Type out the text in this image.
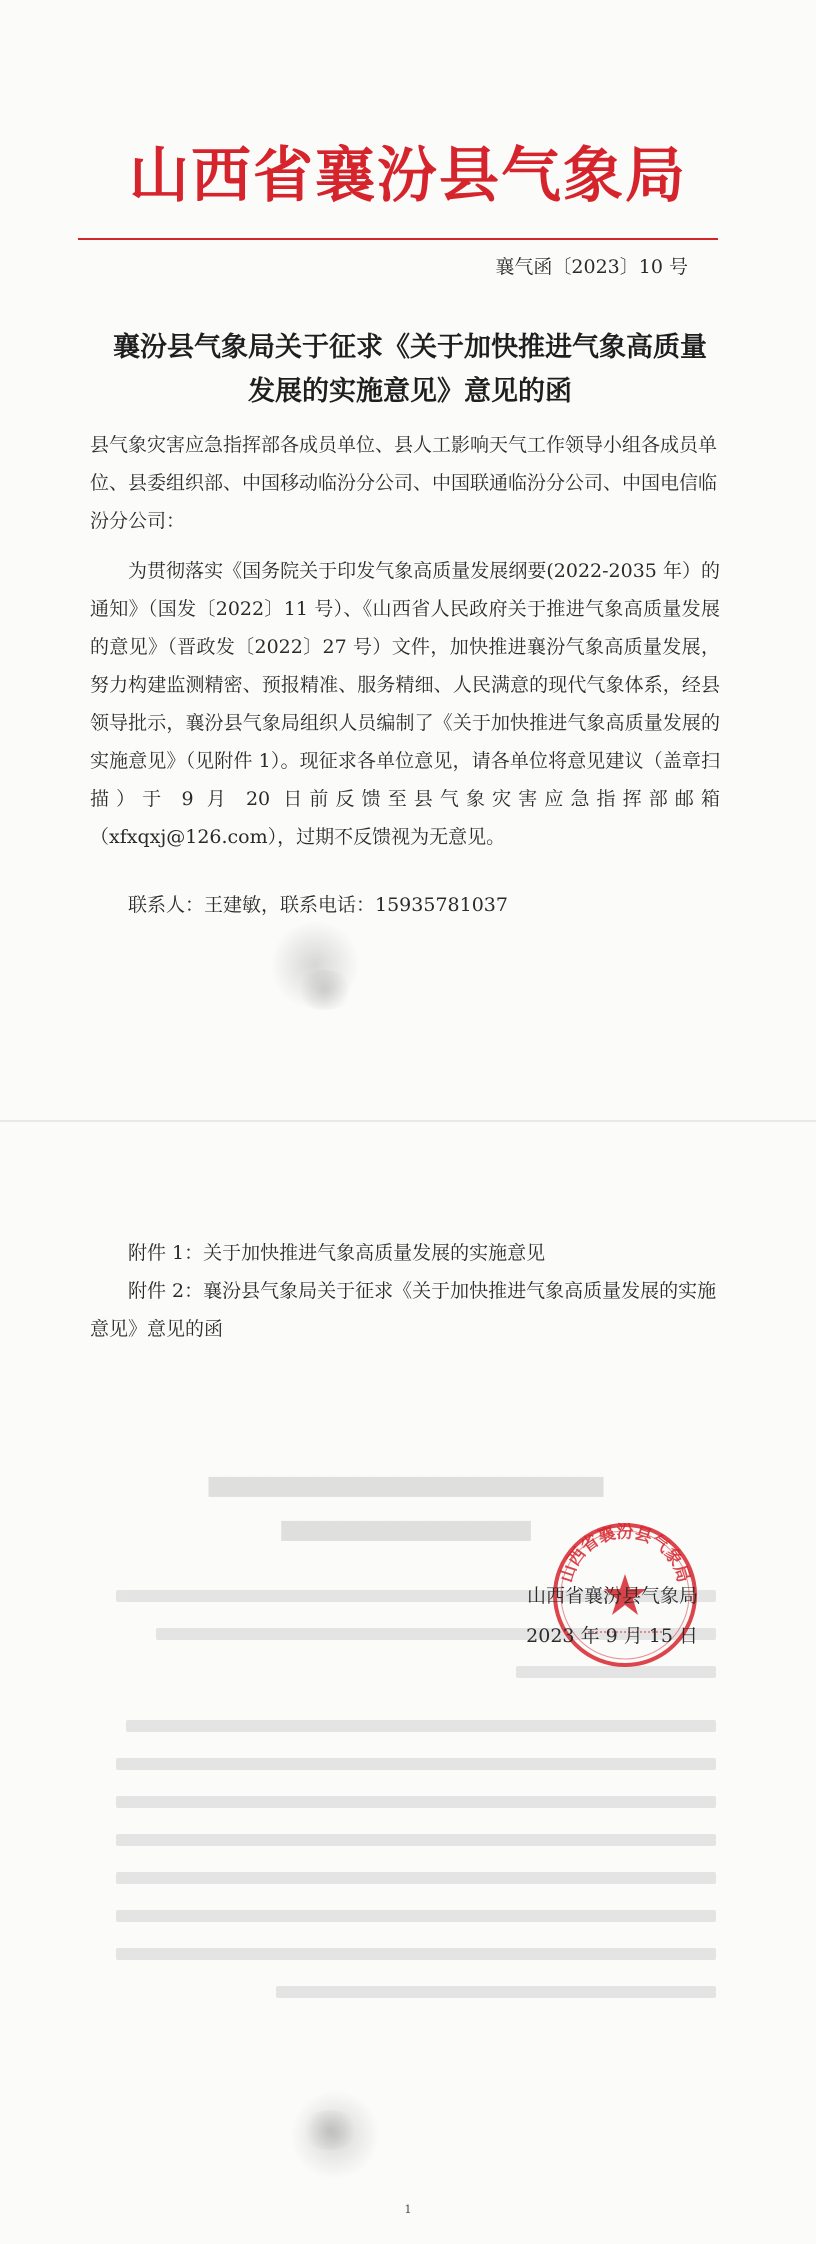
山西省襄汾县气象局
襄气函〔2023〕10 号
襄汾县气象局关于征求《关于加快推进气象高质量
发展的实施意见》意见的函
县气象灾害应急指挥部各成员单位、县人工影响天气工作领导小组各成员单位、县委组织部、中国移动临汾分公司、中国联通临汾分公司、中国电信临汾分公司：
为贯彻落实《国务院关于印发气象高质量发展纲要(2022-2035 年）的通知》（国发〔2022〕11 号）、《山西省人民政府关于推进气象高质量发展的意见》（晋政发〔2022〕27 号）文件，加快推进襄汾气象高质量发展，努力构建监测精密、预报精准、服务精细、人民满意的现代气象体系，经县领导批示，襄汾县气象局组织人员编制了《关于加快推进气象高质量发展的实施意见》（见附件 1）。现征求各单位意见，请各单位将意见建议（盖章扫描）于 9 月 20 日前反馈至县气象灾害应急指挥部邮箱（xfxqxj@126.com），过期不反馈视为无意见。
联系人：王建敏，联系电话：15935781037

附件 1：关于加快推进气象高质量发展的实施意见

附件 2：襄汾县气象局关于征求《关于加快推进气象高质量发展的实施意见》意见的函

山西省襄汾县气象局
山西省襄汾县气象局
2023 年 9 月 15 日
1
